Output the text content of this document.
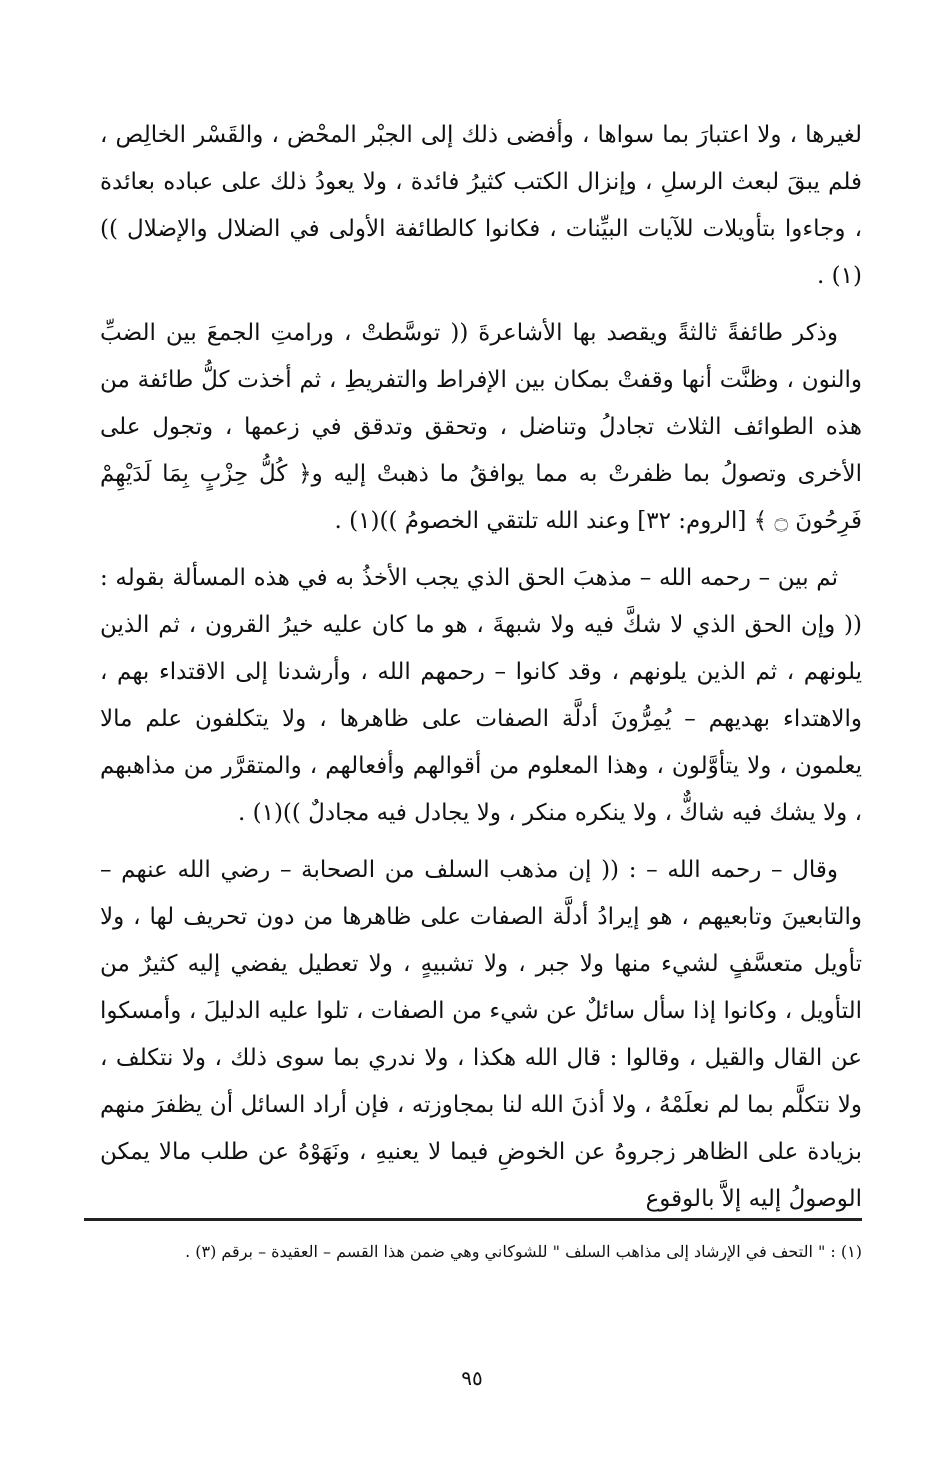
لغيرها ، ولا اعتبارَ بما سواها ، وأفضى ذلك إلى الجبْر المحْض ، والقَسْر الخالِص ، فلم يبقَ لبعث الرسلِ ، وإنزال الكتب كثيرُ فائدة ، ولا يعودُ ذلك على عباده بعائدة ، وجاءوا بتأويلات للآيات البيِّنات ، فكانوا كالطائفة الأولى في الضلال والإضلال ))(١) .

وذكر طائفةً ثالثةً ويقصد بها الأشاعرةَ (( توسَّطتْ ، ورامتِ الجمعَ بين الضبِّ والنون ، وظنَّت أنها وقفتْ بمكان بين الإفراط والتفريطِ ، ثم أخذت كلُّ طائفة من هذه الطوائف الثلاث تجادلُ وتناضل ، وتحقق وتدقق في زعمها ، وتجول على الأخرى وتصولُ بما ظفرتْ به مما يوافقُ ما ذهبتْ إليه و﴿ كُلُّ حِزْبٍ بِمَا لَدَيْهِمْ فَرِحُونَ ۝ ﴾ [الروم: ٣٢] وعند الله تلتقي الخصومُ ))(١) .

ثم بين – رحمه الله – مذهبَ الحق الذي يجب الأخذُ به في هذه المسألة بقوله : (( وإن الحق الذي لا شكَّ فيه ولا شبهةَ ، هو ما كان عليه خيرُ القرون ، ثم الذين يلونهم ، ثم الذين يلونهم ، وقد كانوا – رحمهم الله ، وأرشدنا إلى الاقتداء بهم ، والاهتداء بهديهم – يُمِرُّونَ أدلَّة الصفات على ظاهرها ، ولا يتكلفون علم مالا يعلمون ، ولا يتأوَّلون ، وهذا المعلوم من أقوالهم وأفعالهم ، والمتقرَّر من مذاهبهم ، ولا يشك فيه شاكٌّ ، ولا ينكره منكر ، ولا يجادل فيه مجادلٌ ))(١) .

وقال – رحمه الله – : (( إن مذهب السلف من الصحابة – رضي الله عنهم – والتابعينَ وتابعيهم ، هو إيرادُ أدلَّة الصفات على ظاهرها من دون تحريف لها ، ولا تأويل متعسَّفٍ لشيء منها ولا جبر ، ولا تشبيهٍ ، ولا تعطيل يفضي إليه كثيرٌ من التأويل ، وكانوا إذا سأل سائلٌ عن شيء من الصفات ، تلوا عليه الدليلَ ، وأمسكوا عن القال والقيل ، وقالوا : قال الله هكذا ، ولا ندري بما سوى ذلك ، ولا نتكلف ، ولا نتكلَّم بما لم نعلَمْهُ ، ولا أذنَ الله لنا بمجاوزته ، فإن أراد السائل أن يظفرَ منهم بزيادة على الظاهر زجروهُ عن الخوضِ فيما لا يعنيهِ ، ونَهَوْهُ عن طلب مالا يمكن الوصولُ إليه إلاَّ بالوقوع

(١) : " التحف في الإرشاد إلى مذاهب السلف " للشوكاني وهي ضمن هذا القسم – العقيدة – برقم (٣) .
٩٥
